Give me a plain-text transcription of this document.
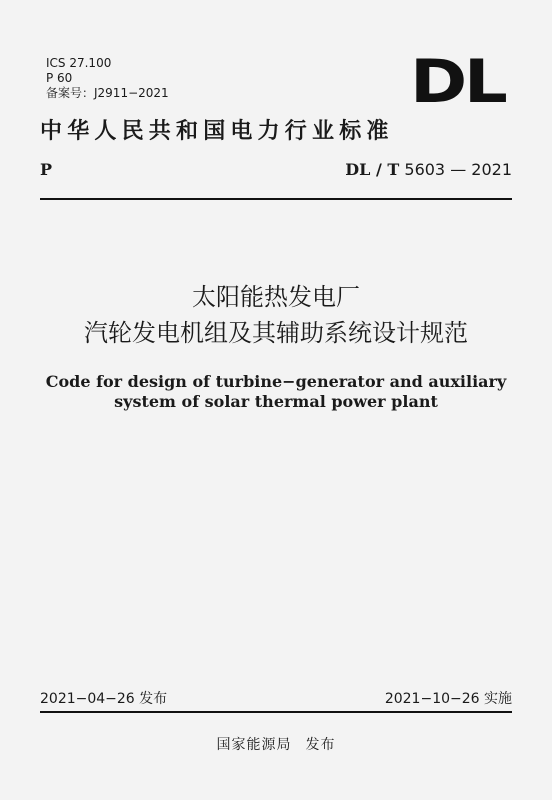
ICS 27.100
P 60
备案号：J2911−2021	DL
中华人民共和国电力行业标准
P	DL / T 5603 — 2021
太阳能热发电厂
汽轮发电机组及其辅助系统设计规范
Code for design of turbine−generator and auxiliary
system of solar thermal power plant
2021−04−26 发布	2021−10−26 实施
国家能源局 发布
